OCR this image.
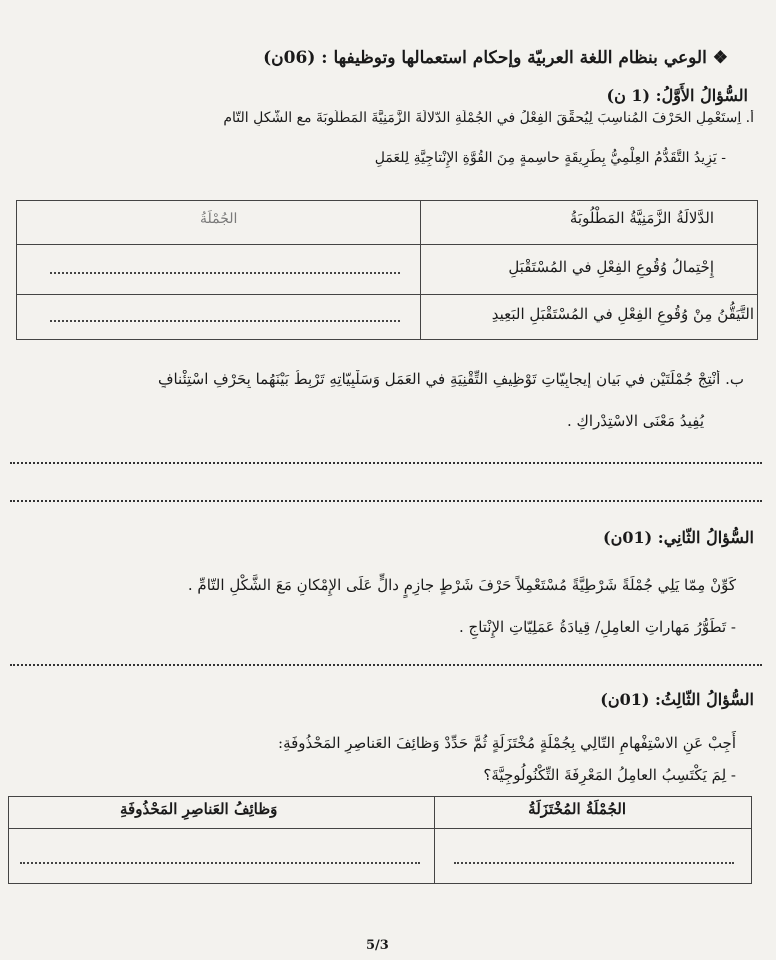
❖ الوعي بنظام اللغة العربيّة وإحكام استعمالها وتوظيفها : (06ن)
السُّؤالُ الأَوَّلُ: (1 ن)
أ. اِستَعْمِلِ الحَرْفَ المُناسِبَ لِيُحقِّقَ الفِعْلُ في الجُمْلَةِ الدّلالَةَ الزَّمَنِيَّةَ المَطْلُوبَةَ مع الشَّكلِ التّام
- يَزِيدُ التَّقَدُّمُ العِلْمِيُّ بِطَرِيقَةٍ حاسِمةٍ مِنَ القُوَّةِ الإِنْتاجِيَّةِ لِلعَمَلِ
الدَّلالَةُ الزَّمَنِيَّةُ المَطْلُوبَةُ
الجُمْلَةُ
إِحْتِمالُ وُقُوعِ الفِعْلِ في المُسْتَقْبَلِ
التَّيَقُّنُ مِنْ وُقُوعِ الفِعْلِ في المُسْتَقْبَلِ البَعِيدِ
ب. أَنْتِجْ جُمْلَتَيْنِ في بَيانِ إِيجابِيّاتِ تَوْظِيفِ التِّقْنِيَةِ في العَمَلِ وَسَلْبِيّاتِهِ تَرْبِطُ بَيْنَهُما بِحَرْفِ اسْتِئْنافٍ
يُفِيدُ مَعْنَى الاسْتِدْراكِ .
السُّؤالُ الثّانِي: (01ن)
كَوِّنْ مِمّا يَلِي جُمْلَةً شَرْطِيَّةً مُسْتَعْمِلاً حَرْفَ شَرْطٍ جازِمٍ دالٍّ عَلَى الإِمْكانِ مَعَ الشَّكْلِ التّامِّ .
- تَطَوُّرُ مَهاراتِ العامِلِ/ قِيادَةُ عَمَلِيّاتِ الإِنْتاجِ .
السُّؤالُ الثّالِثُ: (01ن)
أَجِبْ عَنِ الاسْتِفْهامِ التّالِي بِجُمْلَةٍ مُخْتَزَلَةٍ ثُمَّ حَدِّدْ وَظائِفَ العَناصِرِ المَحْذُوفَةِ:
- لِمَ يَكْتَسِبُ العامِلُ المَعْرِفَةَ التِّكْنُولُوجِيَّةَ؟
الجُمْلَةُ المُخْتَزَلَةُ
وَظائِفُ العَناصِرِ المَحْذُوفَةِ
5/3
